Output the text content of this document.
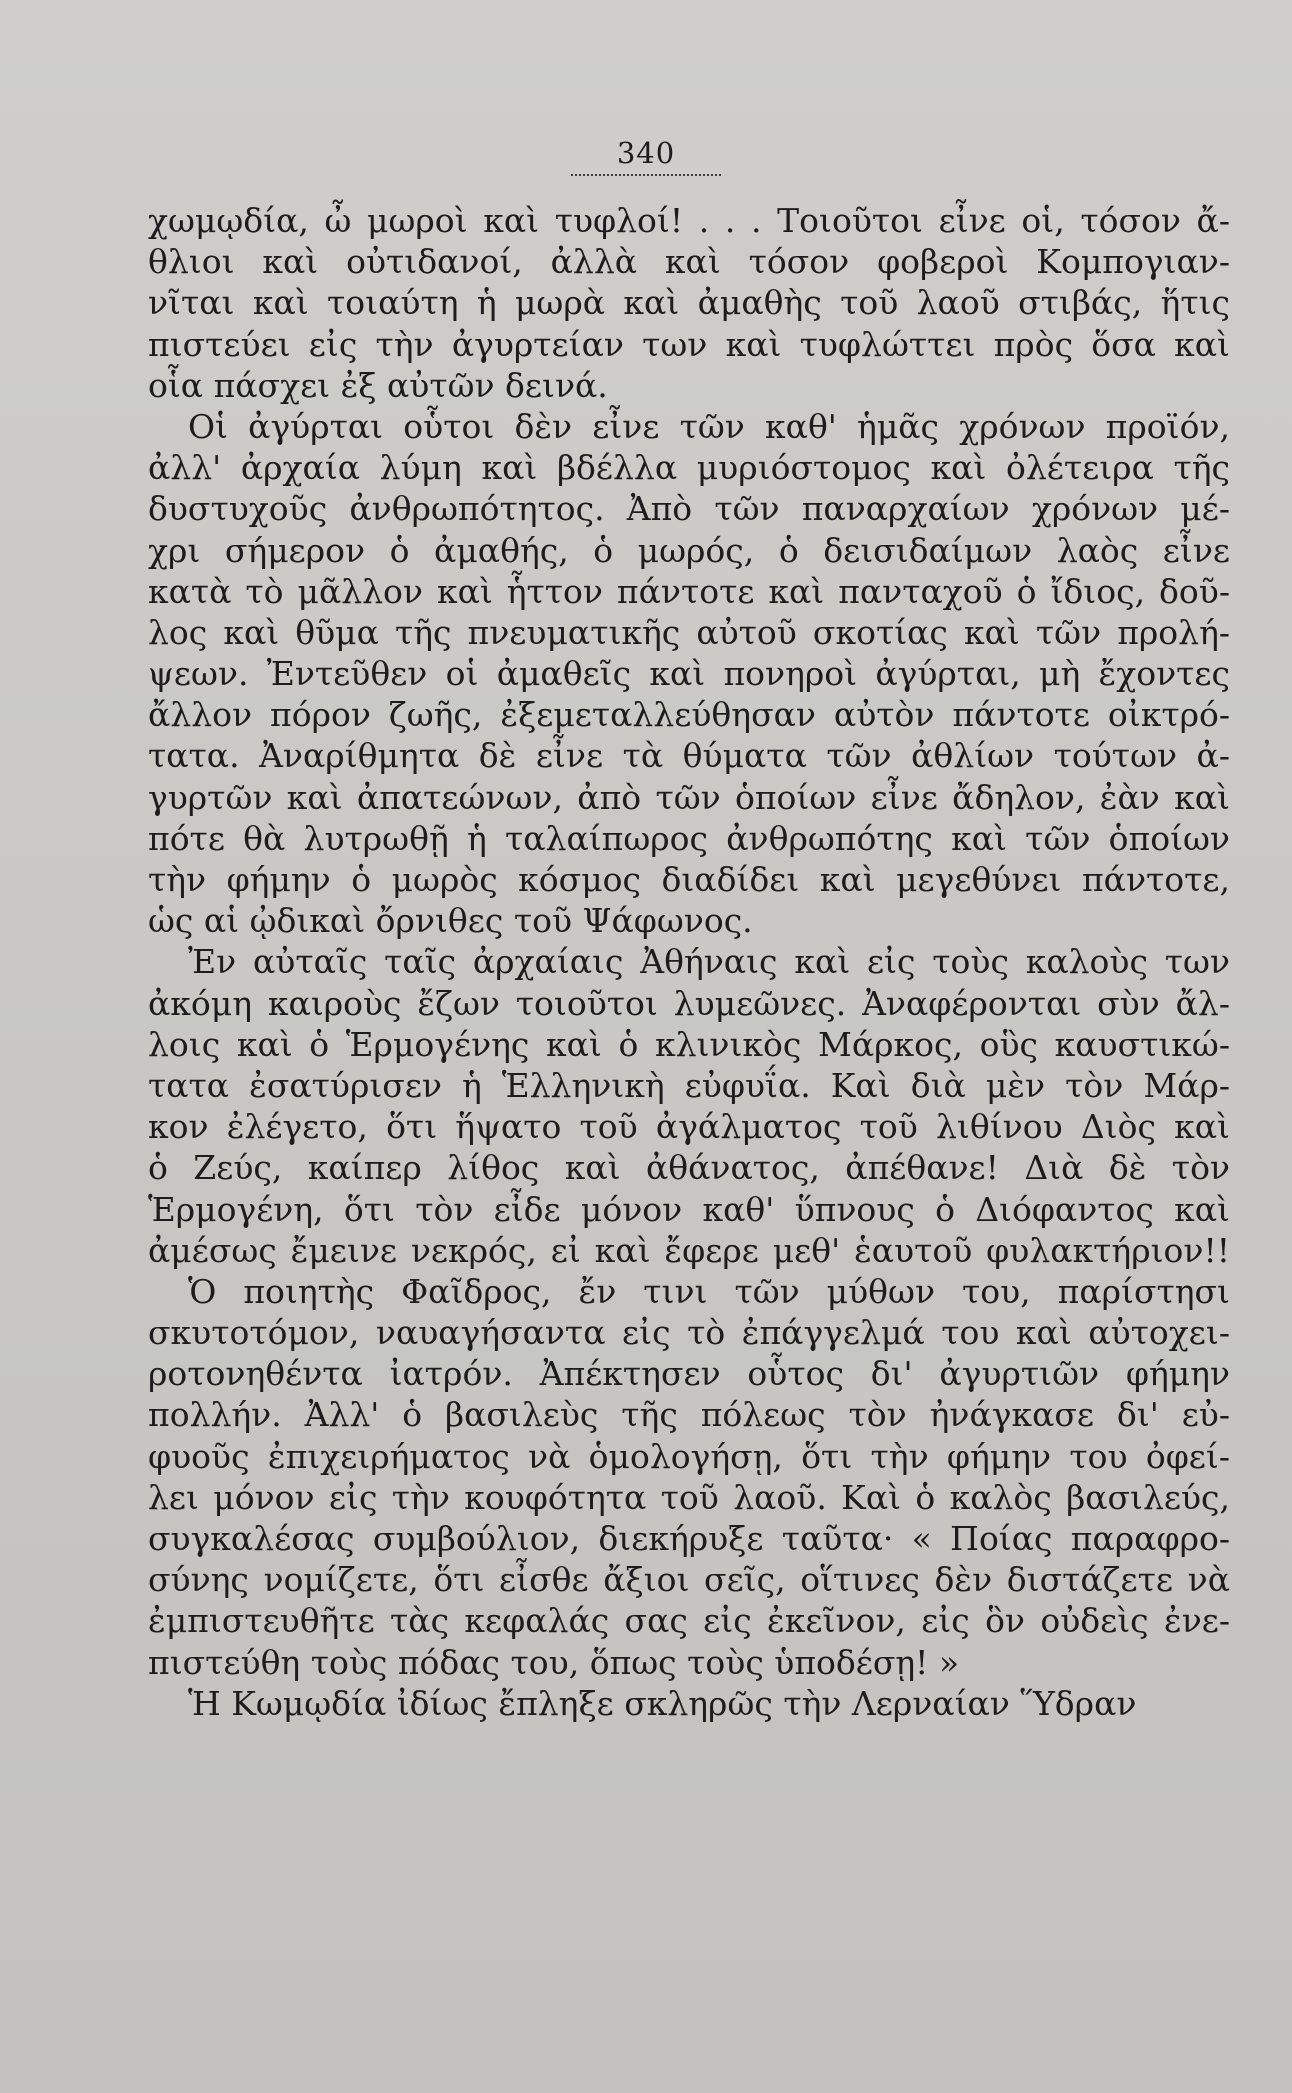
340
χωμῳδία, ὦ μωροὶ καὶ τυφλοί! . . . Τοιοῦτοι εἶνε οἱ, τόσον ἄ-
θλιοι καὶ οὐτιδανοί, ἀλλὰ καὶ τόσον φοβεροὶ Κομπογιαν-
νῖται καὶ τοιαύτη ἡ μωρὰ καὶ ἀμαθὴς τοῦ λαοῦ στιβάς, ἥτις
πιστεύει εἰς τὴν ἀγυρτείαν των καὶ τυφλώττει πρὸς ὅσα καὶ
οἷα πάσχει ἐξ αὐτῶν δεινά.
Οἱ ἀγύρται οὗτοι δὲν εἶνε τῶν καθ' ἡμᾶς χρόνων προϊόν,
ἀλλ' ἀρχαία λύμη καὶ βδέλλα μυριόστομος καὶ ὀλέτειρα τῆς
δυστυχοῦς ἀνθρωπότητος. Ἀπὸ τῶν παναρχαίων χρόνων μέ-
χρι σήμερον ὁ ἀμαθής, ὁ μωρός, ὁ δεισιδαίμων λαὸς εἶνε
κατὰ τὸ μᾶλλον καὶ ἧττον πάντοτε καὶ πανταχοῦ ὁ ἴδιος, δοῦ-
λος καὶ θῦμα τῆς πνευματικῆς αὐτοῦ σκοτίας καὶ τῶν προλή-
ψεων. Ἐντεῦθεν οἱ ἀμαθεῖς καὶ πονηροὶ ἀγύρται, μὴ ἔχοντες
ἄλλον πόρον ζωῆς, ἐξεμεταλλεύθησαν αὐτὸν πάντοτε οἰκτρό-
τατα. Ἀναρίθμητα δὲ εἶνε τὰ θύματα τῶν ἀθλίων τούτων ἀ-
γυρτῶν καὶ ἀπατεώνων, ἀπὸ τῶν ὁποίων εἶνε ἄδηλον, ἐὰν καὶ
πότε θὰ λυτρωθῇ ἡ ταλαίπωρος ἀνθρωπότης καὶ τῶν ὁποίων
τὴν φήμην ὁ μωρὸς κόσμος διαδίδει καὶ μεγεθύνει πάντοτε,
ὡς αἱ ᾠδικαὶ ὄρνιθες τοῦ Ψάφωνος.
Ἐν αὐταῖς ταῖς ἀρχαίαις Ἀθήναις καὶ εἰς τοὺς καλοὺς των
ἀκόμη καιροὺς ἔζων τοιοῦτοι λυμεῶνες. Ἀναφέρονται σὺν ἄλ-
λοις καὶ ὁ Ἑρμογένης καὶ ὁ κλινικὸς Μάρκος, οὓς καυστικώ-
τατα ἐσατύρισεν ἡ Ἑλληνικὴ εὐφυΐα. Καὶ διὰ μὲν τὸν Μάρ-
κον ἐλέγετο, ὅτι ἥψατο τοῦ ἀγάλματος τοῦ λιθίνου Διὸς καὶ
ὁ Ζεύς, καίπερ λίθος καὶ ἀθάνατος, ἀπέθανε! Διὰ δὲ τὸν
Ἑρμογένη, ὅτι τὸν εἶδε μόνον καθ' ὕπνους ὁ Διόφαντος καὶ
ἀμέσως ἔμεινε νεκρός, εἰ καὶ ἔφερε μεθ' ἑαυτοῦ φυλακτήριον!!
Ὁ ποιητὴς Φαῖδρος, ἔν τινι τῶν μύθων του, παρίστησι
σκυτοτόμον, ναυαγήσαντα εἰς τὸ ἐπάγγελμά του καὶ αὐτοχει-
ροτονηθέντα ἰατρόν. Ἀπέκτησεν οὗτος δι' ἀγυρτιῶν φήμην
πολλήν. Ἀλλ' ὁ βασιλεὺς τῆς πόλεως τὸν ἠνάγκασε δι' εὐ-
φυοῦς ἐπιχειρήματος νὰ ὁμολογήσῃ, ὅτι τὴν φήμην του ὀφεί-
λει μόνον εἰς τὴν κουφότητα τοῦ λαοῦ. Καὶ ὁ καλὸς βασιλεύς,
συγκαλέσας συμβούλιον, διεκήρυξε ταῦτα· « Ποίας παραφρο-
σύνης νομίζετε, ὅτι εἶσθε ἄξιοι σεῖς, οἵτινες δὲν διστάζετε νὰ
ἐμπιστευθῆτε τὰς κεφαλάς σας εἰς ἐκεῖνον, εἰς ὃν οὐδεὶς ἐνε-
πιστεύθη τοὺς πόδας του, ὅπως τοὺς ὑποδέσῃ! »
Ἡ Κωμῳδία ἰδίως ἔπληξε σκληρῶς τὴν Λερναίαν Ὕδραν
